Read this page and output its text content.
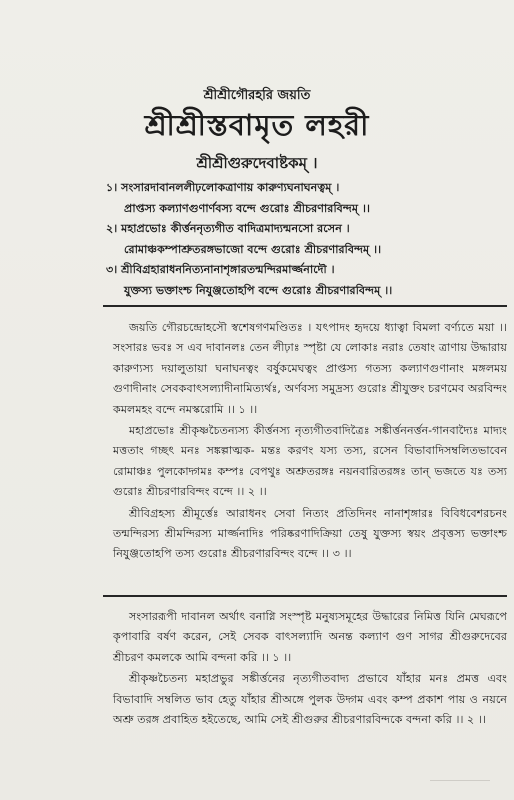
শ্রীশ্রীগৌরহরি জয়তি
শ্রীশ্রীস্তবামৃত লহরী
শ্রীশ্রীগুরুদেবাষ্টকম্ ।
১। সংসারদাবানললীঢ়লোকত্রাণায় কারুণ্যঘনাঘনত্বম্ ।
প্রাপ্তস্য কল্যাণগুণার্ণবস্য বন্দে গুরোঃ শ্রীচরণারবিন্দম্ ।।
২। মহাপ্রভোঃ কীর্ত্তননৃত্যগীত বাদিত্রমাদ্যন্মনসো রসেন ।
রোমাঞ্চকম্পাশ্রুতরঙ্গভাজো বন্দে গুরোঃ শ্রীচরণারবিন্দম্ ।।
৩। শ্রীবিগ্রহারাধননিত্যনানাশৃঙ্গারতন্মন্দিরমার্জ্জনাদৌ ।
যুক্তস্য ভক্তাংশ্চ নিযুঞ্জতোহপি বন্দে গুরোঃ শ্রীচরণারবিন্দম্ ।।

জয়তি গৌরচন্দ্রোহসৌ স্বশেষগণমণ্ডিতঃ । যৎপাদং হৃদয়ে ধ্যাত্বা বিমলা বর্ণ্যতে ময়া ।। সংসারঃ ভবঃ স এব দাবানলঃ তেন লীঢ়াঃ স্পৃষ্টা যে লোকাঃ নরাঃ তেষাং ত্রাণায় উদ্ধারায় কারুণ্যস্য দয়ালুতায়া ঘনাঘনত্বং বর্ষুকমেঘত্বং প্রাপ্তস্য গতস্য কল্যাণগুণানাং মঙ্গলময় গুণাদীনাং সেবকবাৎসল্যাদীনামিত্যর্থঃ, অর্ণবস্য সমুদ্রস্য গুরোঃ শ্রীযুক্তং চরণমেব অরবিন্দং কমলমহং বন্দে নমস্করোমি ।। ১ ।।

মহাপ্রভোঃ শ্রীকৃষ্ণচৈতন্যস্য কীর্ত্তনস্য নৃত্যগীতবাদিত্রৈঃ সঙ্কীর্ত্তননর্ত্তন-গানবাদ্যৈঃ মাদ্যং মত্ততাং গচ্ছৎ মনঃ সঙ্কল্পাত্মক- মন্তঃ করণং যস্য তস্য, রসেন বিভাবাদিসম্বলিতভাবেন রোমাঞ্চঃ পুলকোদ্গমঃ কম্পঃ বেপথুঃ অশ্রুতরঙ্গঃ নয়নবারিতরঙ্গঃ তান্ ভজতে যঃ তস্য গুরোঃ শ্রীচরণারবিন্দং বন্দে ।। ২ ।।

শ্রীবিগ্রহস্য শ্রীমূর্ত্তেঃ আরাধনং সেবা নিত্যং প্রতিদিনং নানাশৃঙ্গারঃ বিবিধবেশরচনং তন্মন্দিরস্য শ্রীমন্দিরস্য মার্জ্জনাদিঃ পরিষ্করণাদিক্রিয়া তেষু যুক্তস্য স্বয়ং প্রবৃত্তস্য ভক্তাংশ্চ নিযুঞ্জতোহপি তস্য গুরোঃ শ্রীচরণারবিন্দং বন্দে ।। ৩ ।।

সংসাররূপী দাবানল অর্থাৎ বনাগ্নি সংস্পৃষ্ট মনুষ্যসমূহের উদ্ধারের নিমিত্ত যিনি মেঘরূপে কৃপাবারি বর্ষণ করেন, সেই সেবক বাৎসল্যাদি অনন্ত কল্যাণ গুণ সাগর শ্রীগুরুদেবের শ্রীচরণ কমলকে আমি বন্দনা করি ।। ১ ।।

শ্রীকৃষ্ণচৈতন্য মহাপ্রভুর সঙ্কীর্ত্তনের নৃত্যগীতবাদ্য প্রভাবে যাঁহার মনঃ প্রমত্ত এবং বিভাবাদি সম্বলিত ভাব হেতু যাঁহার শ্রীঅঙ্গে পুলক উদ্গম এবং কম্প প্রকাশ পায় ও নয়নে অশ্রু তরঙ্গ প্রবাহিত হইতেছে, আমি সেই শ্রীগুরুর শ্রীচরণারবিন্দকে বন্দনা করি ।। ২ ।।
